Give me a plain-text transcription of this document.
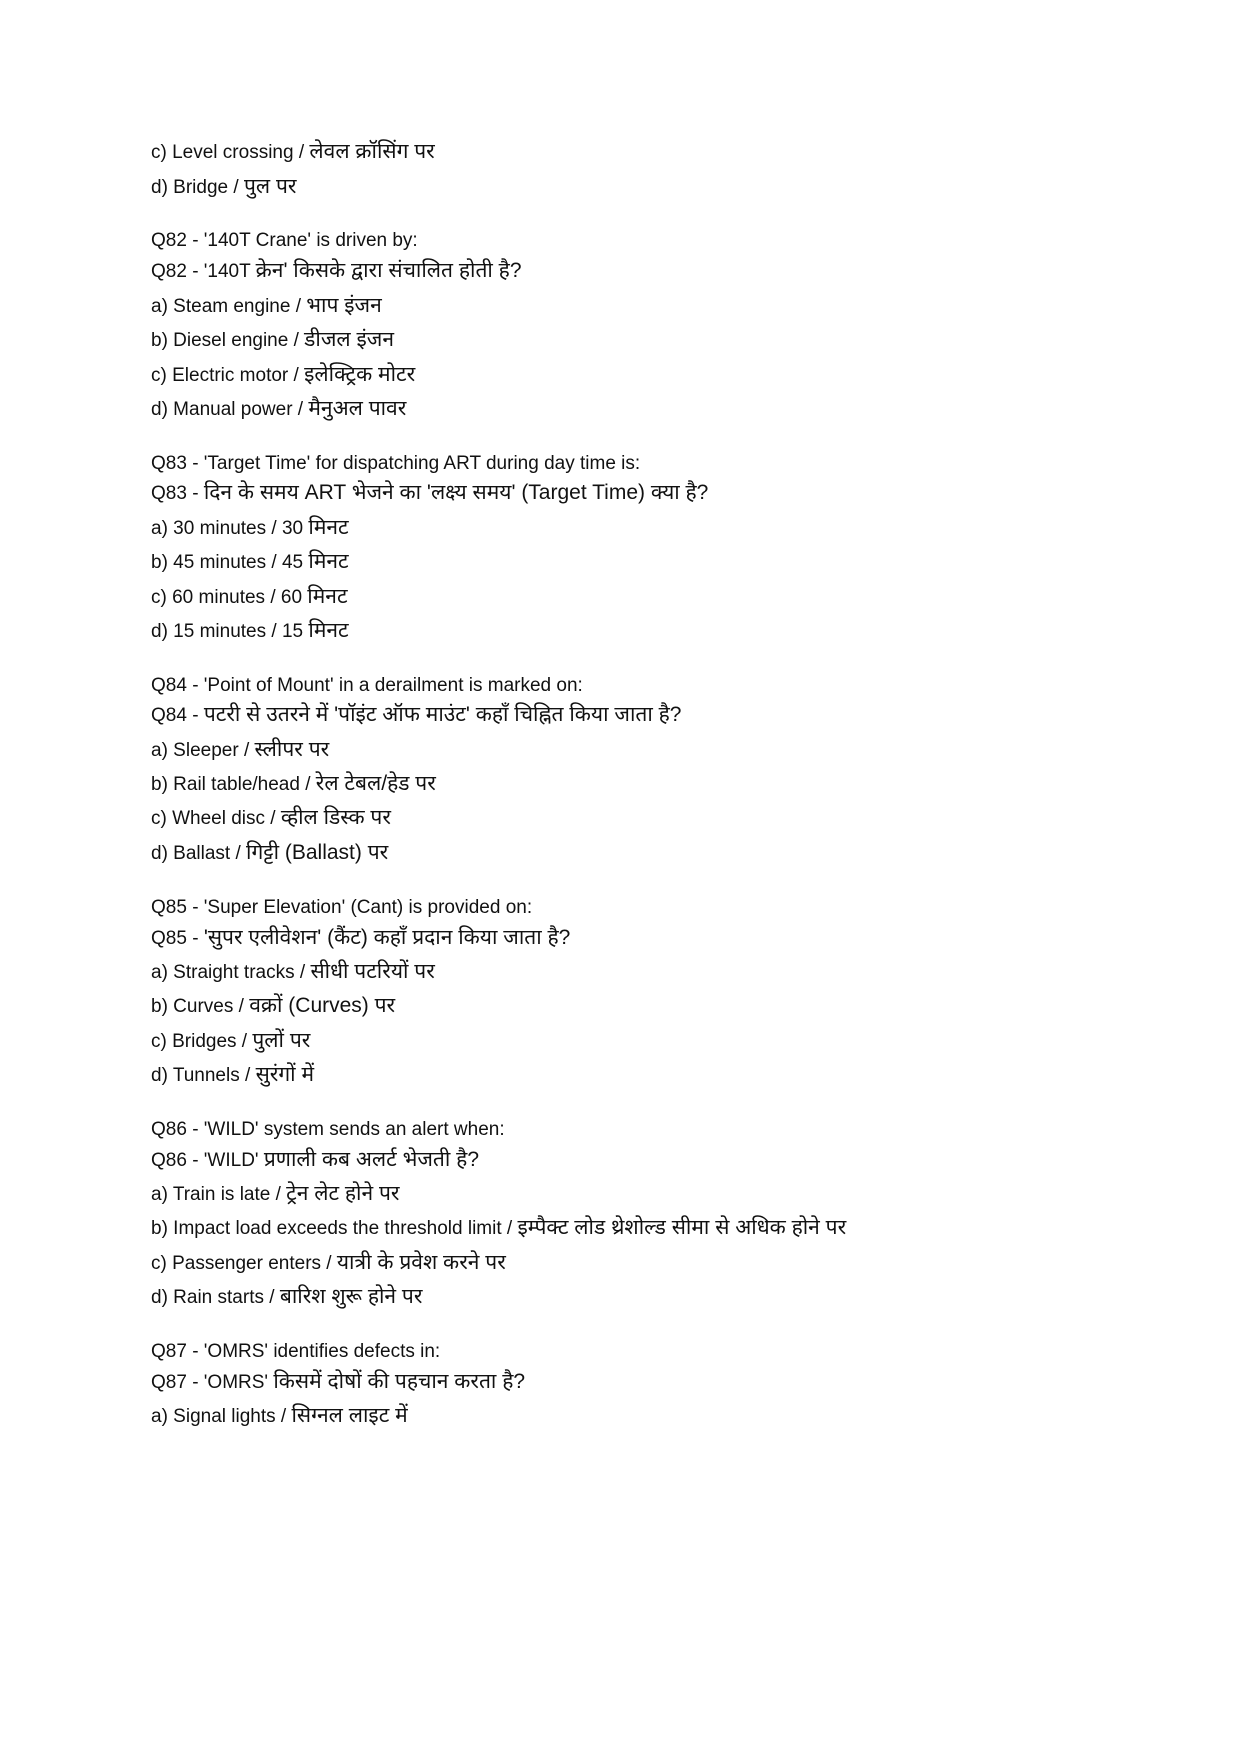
c) Level crossing / लेवल क्रॉसिंग पर
d) Bridge / पुल पर
Q82 - '140T Crane' is driven by:
Q82 - '140T क्रेन' किसके द्वारा संचालित होती है?
a) Steam engine / भाप इंजन
b) Diesel engine / डीजल इंजन
c) Electric motor / इलेक्ट्रिक मोटर
d) Manual power / मैनुअल पावर
Q83 - 'Target Time' for dispatching ART during day time is:
Q83 - दिन के समय ART भेजने का 'लक्ष्य समय' (Target Time) क्या है?
a) 30 minutes / 30 मिनट
b) 45 minutes / 45 मिनट
c) 60 minutes / 60 मिनट
d) 15 minutes / 15 मिनट
Q84 - 'Point of Mount' in a derailment is marked on:
Q84 - पटरी से उतरने में 'पॉइंट ऑफ माउंट' कहाँ चिह्नित किया जाता है?
a) Sleeper / स्लीपर पर
b) Rail table/head / रेल टेबल/हेड पर
c) Wheel disc / व्हील डिस्क पर
d) Ballast / गिट्टी (Ballast) पर
Q85 - 'Super Elevation' (Cant) is provided on:
Q85 - 'सुपर एलीवेशन' (कैंट) कहाँ प्रदान किया जाता है?
a) Straight tracks / सीधी पटरियों पर
b) Curves / वक्रों (Curves) पर
c) Bridges / पुलों पर
d) Tunnels / सुरंगों में
Q86 - 'WILD' system sends an alert when:
Q86 - 'WILD' प्रणाली कब अलर्ट भेजती है?
a) Train is late / ट्रेन लेट होने पर
b) Impact load exceeds the threshold limit / इम्पैक्ट लोड थ्रेशोल्ड सीमा से अधिक होने पर
c) Passenger enters / यात्री के प्रवेश करने पर
d) Rain starts / बारिश शुरू होने पर
Q87 - 'OMRS' identifies defects in:
Q87 - 'OMRS' किसमें दोषों की पहचान करता है?
a) Signal lights / सिग्नल लाइट में
